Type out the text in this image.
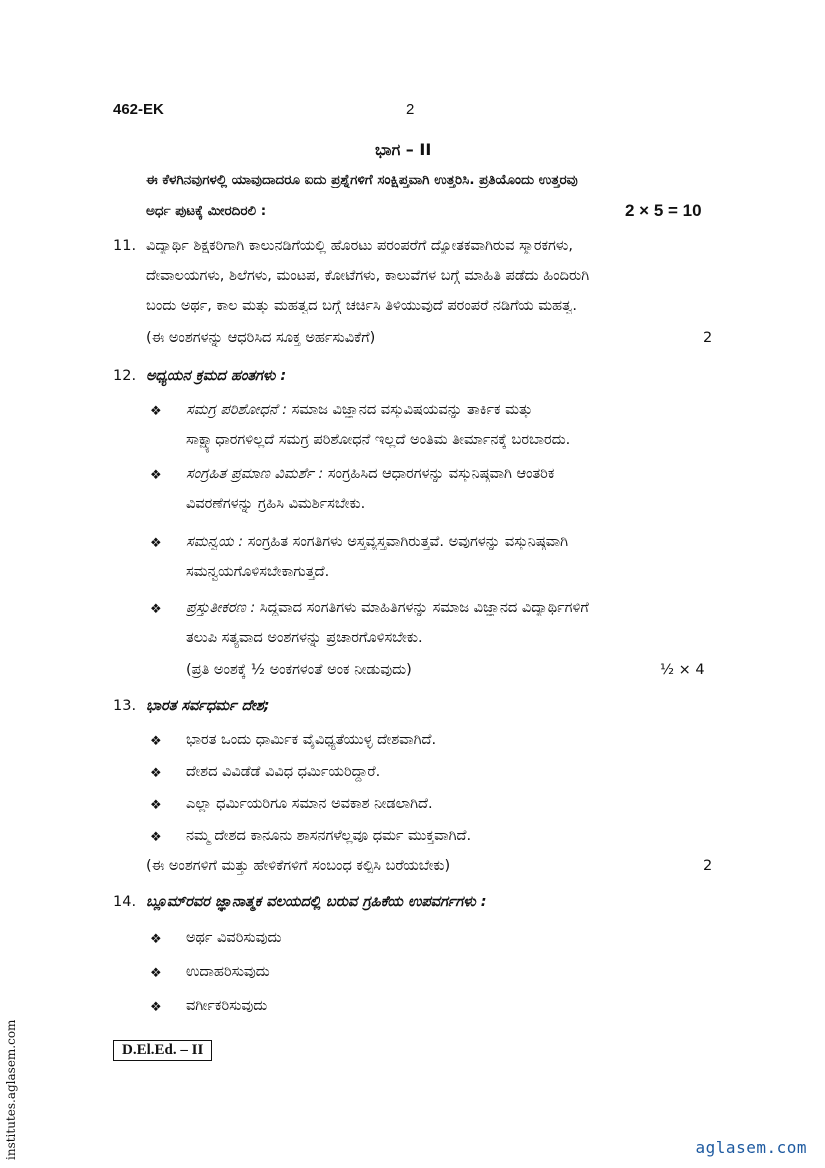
462-EK	2
ಭಾಗ – II
ಈ ಕೆಳಗಿನವುಗಳಲ್ಲಿ ಯಾವುದಾದರೂ ಐದು ಪ್ರಶ್ನೆಗಳಿಗೆ ಸಂಕ್ಷಿಪ್ತವಾಗಿ ಉತ್ತರಿಸಿ. ಪ್ರತಿಯೊಂದು ಉತ್ತರವು
ಅರ್ಧ ಪುಟಕ್ಕೆ ಮೀರದಿರಲಿ :	2 × 5 = 10
11. ವಿದ್ಯಾರ್ಥಿ ಶಿಕ್ಷಕರಿಗಾಗಿ ಕಾಲುನಡಿಗೆಯಲ್ಲಿ ಹೊರಟು ಪರಂಪರೆಗೆ ದ್ಯೋತಕವಾಗಿರುವ ಸ್ಮಾರಕಗಳು,
ದೇವಾಲಯಗಳು, ಶಿಲೆಗಳು, ಮಂಟಪ, ಕೋಟೆಗಳು, ಕಾಲುವೆಗಳ ಬಗ್ಗೆ ಮಾಹಿತಿ ಪಡೆದು ಹಿಂದಿರುಗಿ
ಬಂದು ಅರ್ಥ, ಕಾಲ ಮತ್ತು ಮಹತ್ವದ ಬಗ್ಗೆ ಚರ್ಚಿಸಿ ತಿಳಿಯುವುದೆ ಪರಂಪರೆ ನಡಿಗೆಯ ಮಹತ್ವ.
(ಈ ಅಂಶಗಳನ್ನು ಆಧರಿಸಿದ ಸೂಕ್ತ ಅರ್ಹಸುವಿಕೆಗೆ)	2
12. ಅಧ್ಯಯನ ಕ್ರಮದ ಹಂತಗಳು :
❖ ಸಮಗ್ರ ಪರಿಶೋಧನೆ : ಸಮಾಜ ವಿಜ್ಞಾನದ ವಸ್ತುವಿಷಯವನ್ನು ತಾರ್ಕಿಕ ಮತ್ತು
ಸಾಕ್ಷ್ಯಾಧಾರಗಳಿಲ್ಲದೆ ಸಮಗ್ರ ಪರಿಶೋಧನೆ ಇಲ್ಲದೆ ಅಂತಿಮ ತೀರ್ಮಾನಕ್ಕೆ ಬರಬಾರದು.
❖ ಸಂಗ್ರಹಿತ ಪ್ರಮಾಣ ವಿಮರ್ಶೆ : ಸಂಗ್ರಹಿಸಿದ ಆಧಾರಗಳನ್ನು ವಸ್ತುನಿಷ್ಠವಾಗಿ ಆಂತರಿಕ
ವಿವರಣೆಗಳನ್ನು ಗ್ರಹಿಸಿ ವಿಮರ್ಶಿಸಬೇಕು.
❖ ಸಮನ್ವಯ : ಸಂಗ್ರಹಿತ ಸಂಗತಿಗಳು ಅಸ್ತವ್ಯಸ್ತವಾಗಿರುತ್ತವೆ. ಅವುಗಳನ್ನು ವಸ್ತುನಿಷ್ಠವಾಗಿ
ಸಮನ್ವಯಗೊಳಿಸಬೇಕಾಗುತ್ತದೆ.
❖ ಪ್ರಸ್ತುತೀಕರಣ : ಸಿದ್ಧವಾದ ಸಂಗತಿಗಳು ಮಾಹಿತಿಗಳನ್ನು ಸಮಾಜ ವಿಜ್ಞಾನದ ವಿದ್ಯಾರ್ಥಿಗಳಿಗೆ
ತಲುಪಿ ಸತ್ಯವಾದ ಅಂಶಗಳನ್ನು ಪ್ರಚಾರಗೊಳಿಸಬೇಕು.
(ಪ್ರತಿ ಅಂಶಕ್ಕೆ ½ ಅಂಕಗಳಂತೆ ಅಂಕ ನೀಡುವುದು)	½ × 4
13. ಭಾರತ ಸರ್ವಧರ್ಮ ದೇಶ;
❖ ಭಾರತ ಒಂದು ಧಾರ್ಮಿಕ ವೈವಿಧ್ಯತೆಯುಳ್ಳ ದೇಶವಾಗಿದೆ.
❖ ದೇಶದ ವಿವಿಡೆಡೆ ವಿವಿಧ ಧರ್ಮಿಯರಿದ್ದಾರೆ.
❖ ಎಲ್ಲಾ ಧರ್ಮಿಯರಿಗೂ ಸಮಾನ ಅವಕಾಶ ನೀಡಲಾಗಿದೆ.
❖ ನಮ್ಮ ದೇಶದ ಕಾನೂನು ಶಾಸನಗಳೆಲ್ಲವೂ ಧರ್ಮ ಮುಕ್ತವಾಗಿದೆ.
(ಈ ಅಂಶಗಳಿಗೆ ಮತ್ತು ಹೇಳಿಕೆಗಳಿಗೆ ಸಂಬಂಧ ಕಲ್ಪಿಸಿ ಬರೆಯಬೇಕು)	2
14. ಬ್ಲೂಮ್‌ರವರ ಜ್ಞಾನಾತ್ಮಕ ವಲಯದಲ್ಲಿ ಬರುವ ಗ್ರಹಿಕೆಯ ಉಪವರ್ಗಗಳು :
❖ ಅರ್ಥ ವಿವರಿಸುವುದು
❖ ಉದಾಹರಿಸುವುದು
❖ ವರ್ಗೀಕರಿಸುವುದು
D.El.Ed. – II
institutes.aglasem.com	aglasem.com
